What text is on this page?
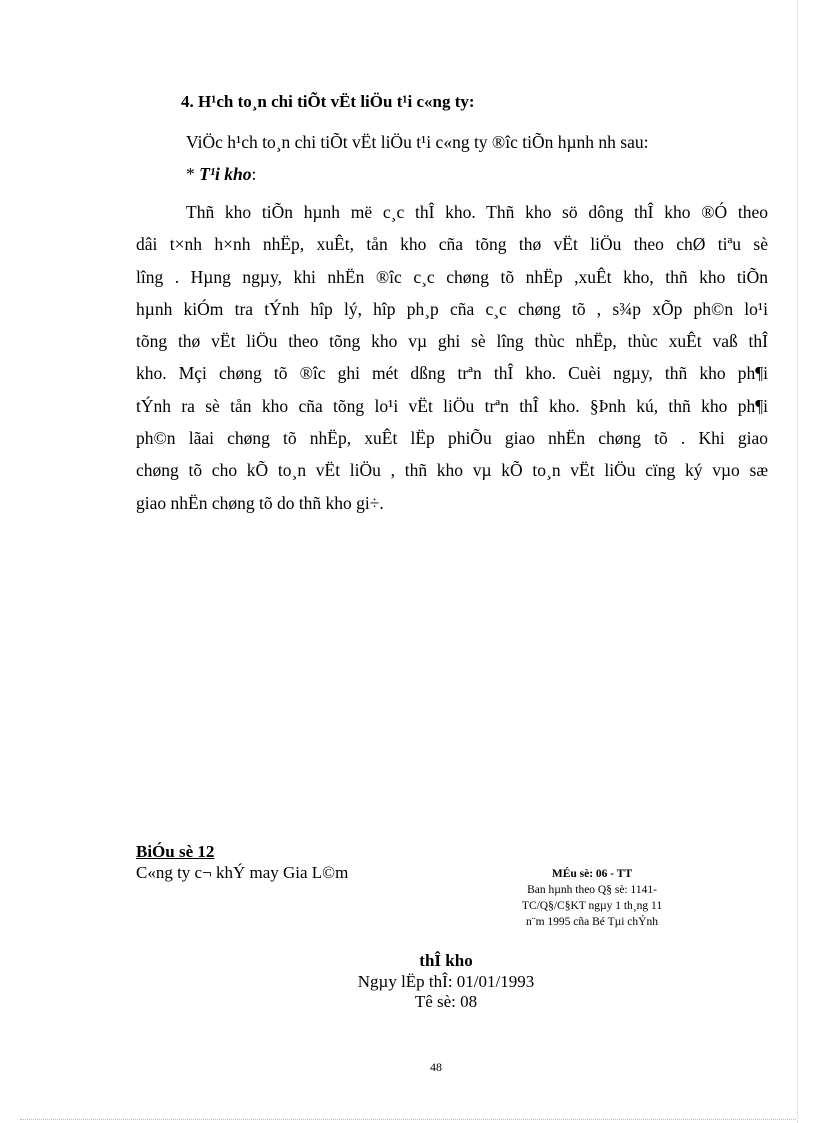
4. H¹ch to¸n chi tiÕt vËt liÖu t¹i c«ng ty:
ViÖc h¹ch to¸n chi tiÕt vËt liÖu t¹i c«ng ty ®îc tiÕn hµnh nh sau:
* T¹i kho:
Thñ kho tiÕn hµnh më c¸c thÎ kho. Thñ kho sö dông thÎ kho ®Ó theo
dâi t×nh h×nh nhËp, xuÊt, tån kho cña tõng thø vËt liÖu theo chØ tiªu sè
lîng . Hµng ngµy, khi nhËn ®îc c¸c chøng tõ nhËp ,xuÊt kho, thñ kho tiÕn
hµnh kiÓm tra tÝnh hîp lý, hîp ph¸p cña c¸c chøng tõ , s¾p xÕp ph©n lo¹i
tõng thø vËt liÖu theo tõng kho vµ ghi sè lîng thùc nhËp, thùc xuÊt vaß thÎ
kho. Mçi chøng tõ ®îc ghi mét dßng trªn thÎ kho. Cuèi ngµy, thñ kho ph¶i
tÝnh ra sè tån kho cña tõng lo¹i vËt liÖu trªn thÎ kho. §Þnh kú, thñ kho ph¶i
ph©n lãai chøng tõ nhËp, xuÊt lËp phiÕu giao nhËn chøng tõ . Khi giao
chøng tõ cho kÕ to¸n vËt liÖu , thñ kho vµ kÕ to¸n vËt liÖu cïng ký vµo sæ
giao nhËn chøng tõ do thñ kho gi÷.
BiÓu sè 12
C«ng ty c¬ khÝ may Gia L©m	MÉu sè: 06 - TT
Ban hµnh theo Q§ sè: 1141-
TC/Q§/C§KT ngµy 1 th¸ng 11
n¨m 1995 cña Bé Tµi chÝnh
thÎ kho
Ngµy lËp thÎ: 01/01/1993
Tê sè: 08
48
